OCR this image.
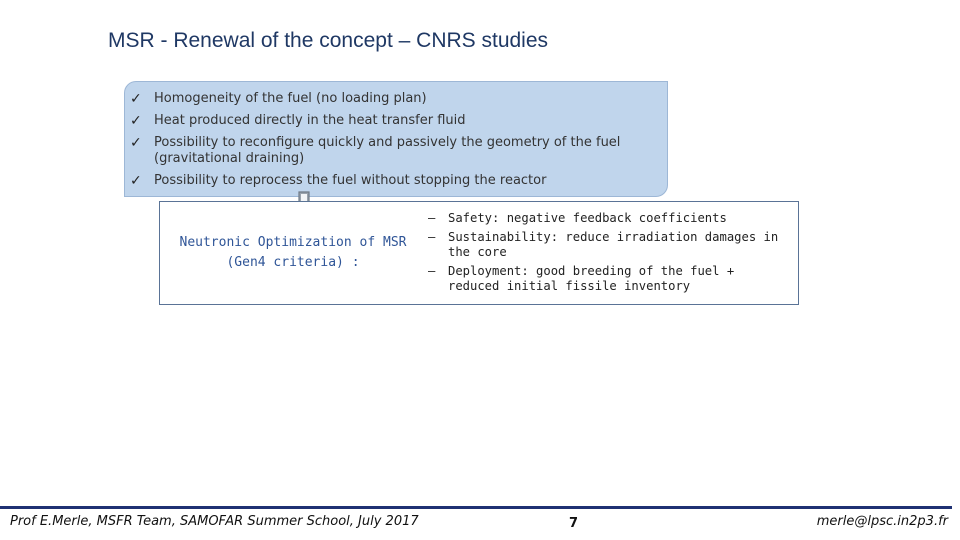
MSR - Renewal of the concept – CNRS studies
✓ Homogeneity of the fuel (no loading plan)
✓ Heat produced directly in the heat transfer fluid
✓ Possibility to reconfigure quickly and passively the geometry of the fuel
(gravitational draining)
✓ Possibility to reprocess the fuel without stopping the reactor
Neutronic Optimization of MSR
(Gen4 criteria) :
– Safety: negative feedback coefficients
– Sustainability: reduce irradiation damages in
the core
– Deployment: good breeding of the fuel +
reduced initial fissile inventory
Prof E.Merle, MSFR Team, SAMOFAR Summer School, July 2017	7	merle@lpsc.in2p3.fr
